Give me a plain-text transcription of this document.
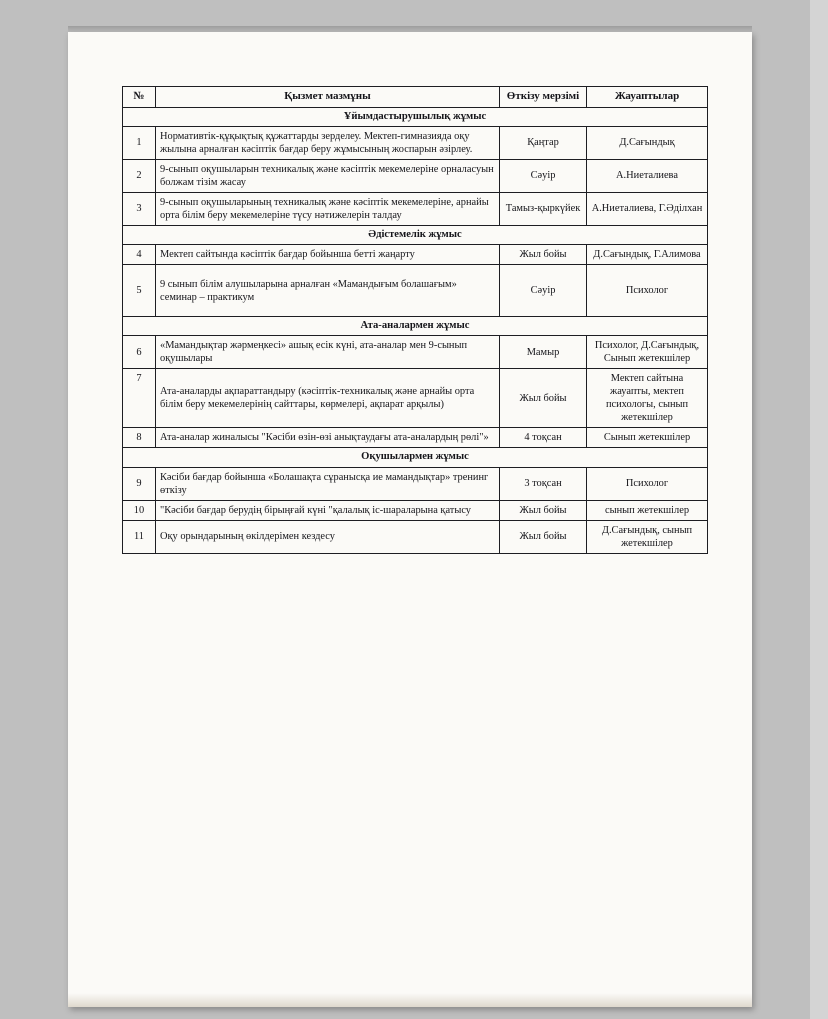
№	Қызмет мазмұны	Өткізу мерзімі	Жауаптылар
Ұйымдастырушылық жұмыс			
1	Нормативтік-құқықтық құжаттарды зерделеу. Мектеп-гимназияда оқу жылына арналған кәсіптік бағдар беру жұмысының жоспарын әзірлеу.	Қаңтар	Д.Сағындық
2	9-сынып оқушыларын техникалық және кәсіптік мекемелеріне орналасуын болжам тізім жасау	Сәуір	А.Ниеталиева
3	9-сынып оқушыларының техникалық және кәсіптік мекемелеріне, арнайы орта білім беру мекемелеріне түсу нәтижелерін талдау	Тамыз-қыркүйек	А.Ниеталиева, Г.Әділхан
Әдістемелік жұмыс			
4	Мектеп сайтында кәсіптік бағдар бойынша бетті жаңарту	Жыл бойы	Д.Сағындық, Г.Алимова
5	9 сынып білім алушыларына арналған «Мамандығым болашағым» семинар – практикум	Сәуір	Психолог
Ата-аналармен жұмыс			
6	«Мамандықтар жәрмеңкесі» ашық есік күні, ата-аналар мен 9-сынып оқушылары	Мамыр	Психолог, Д.Сағындық, Сынып жетекшілер
7	Ата-аналарды ақпараттандыру (кәсіптік-техникалық және арнайы орта білім беру мекемелерінің сайттары, көрмелері, ақпарат арқылы)	Жыл бойы	Мектеп сайтына жауапты, мектеп психологы, сынып жетекшілер
8	Ата-аналар жиналысы "Кәсіби өзін-өзі анықтаудағы ата-аналардың рөлі"»	4 тоқсан	Сынып жетекшілер
Оқушылармен жұмыс			
9	Кәсіби бағдар бойынша «Болашақта сұранысқа ие мамандықтар» тренинг өткізу	3 тоқсан	Психолог
10	"Кәсіби бағдар берудің бірыңғай күні "қалалық іс-шараларына қатысу	Жыл бойы	сынып жетекшілер
11	Оқу орындарының өкілдерімен кездесу	Жыл бойы	Д.Сағындық, сынып жетекшілер
